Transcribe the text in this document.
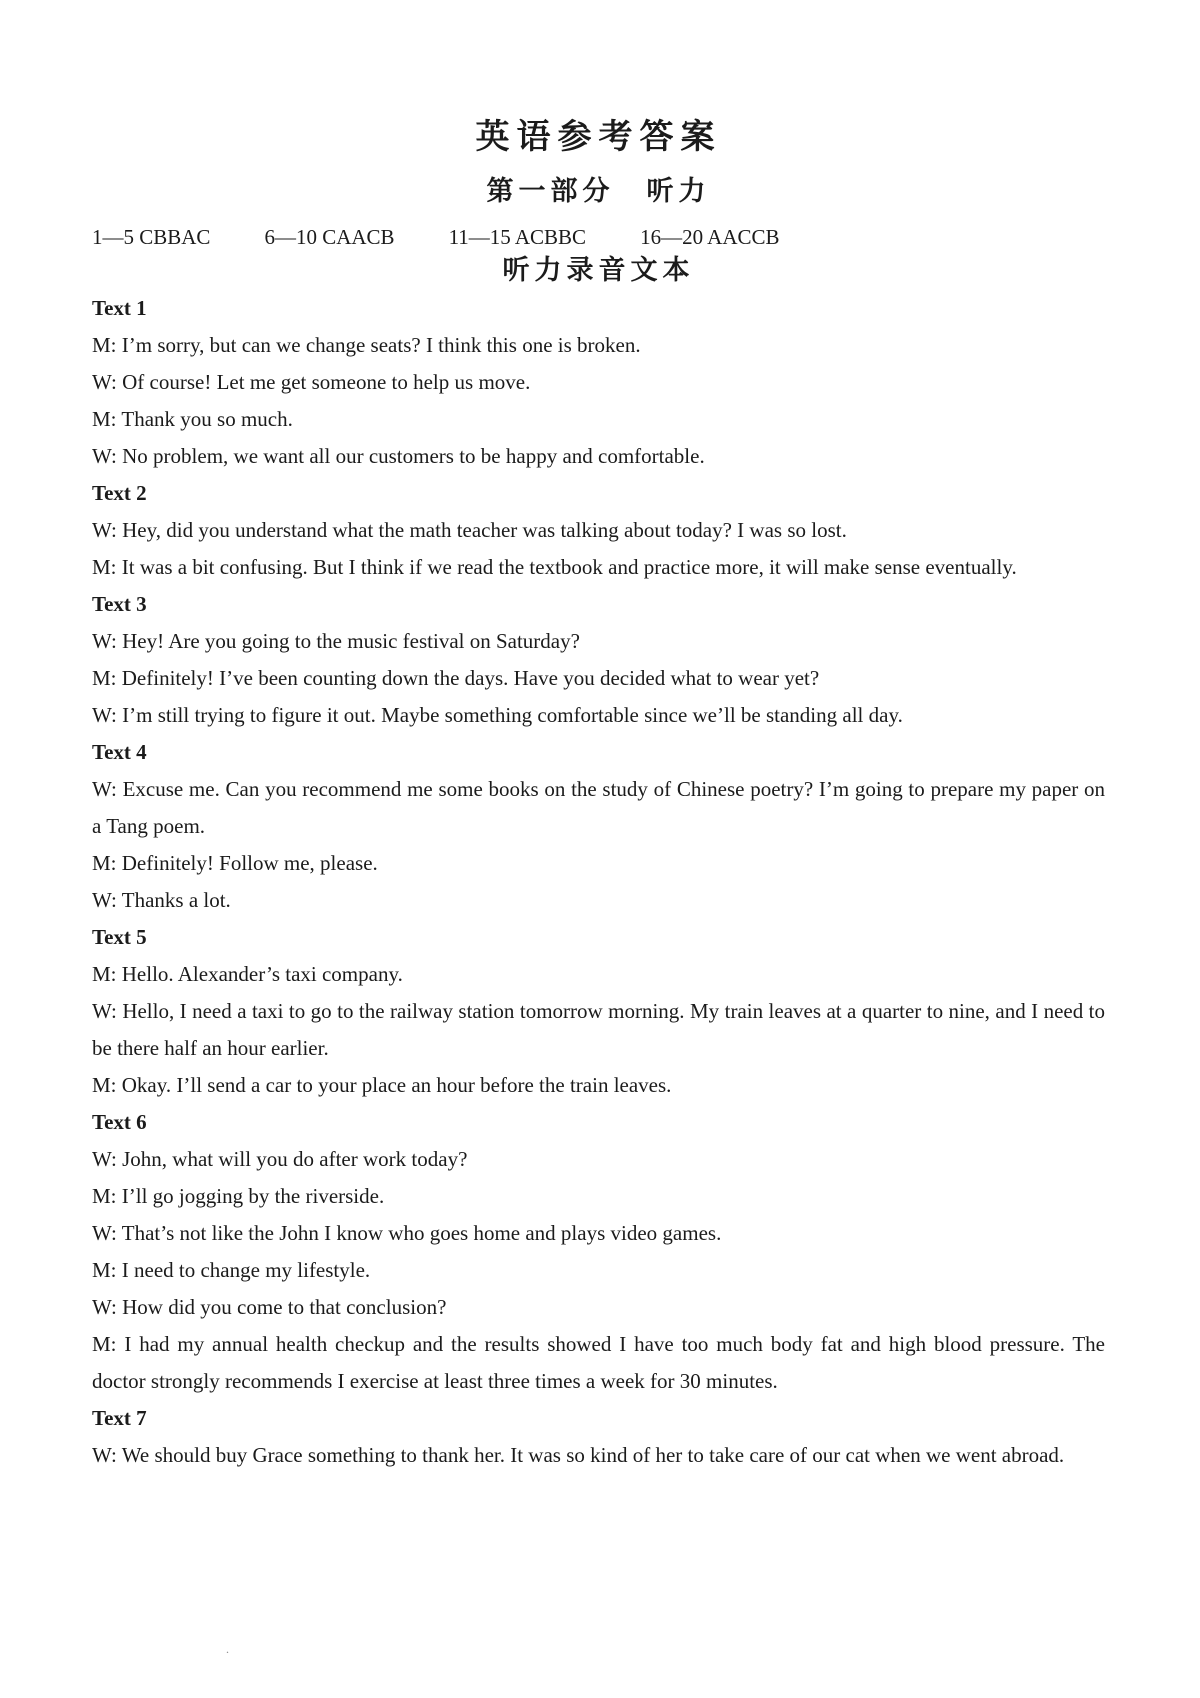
英语参考答案
第一部分　听力
1—5 CBBAC	6—10 CAACB	11—15 ACBBC	16—20 AACCB
听力录音文本

Text 1

M: I’m sorry, but can we change seats? I think this one is broken.

W: Of course! Let me get someone to help us move.

M: Thank you so much.

W: No problem, we want all our customers to be happy and comfortable.

Text 2

W: Hey, did you understand what the math teacher was talking about today? I was so lost.

M: It was a bit confusing. But I think if we read the textbook and practice more, it will make sense eventually.

Text 3

W: Hey! Are you going to the music festival on Saturday?

M: Definitely! I’ve been counting down the days. Have you decided what to wear yet?

W: I’m still trying to figure it out. Maybe something comfortable since we’ll be standing all day.

Text 4

W: Excuse me. Can you recommend me some books on the study of Chinese poetry? I’m going to prepare my paper on a Tang poem.

M: Definitely! Follow me, please.

W: Thanks a lot.

Text 5

M: Hello. Alexander’s taxi company.

W: Hello, I need a taxi to go to the railway station tomorrow morning. My train leaves at a quarter to nine, and I need to be there half an hour earlier.

M: Okay. I’ll send a car to your place an hour before the train leaves.

Text 6

W: John, what will you do after work today?

M: I’ll go jogging by the riverside.

W: That’s not like the John I know who goes home and plays video games.

M: I need to change my lifestyle.

W: How did you come to that conclusion?

M: I had my annual health checkup and the results showed I have too much body fat and high blood pressure. The doctor strongly recommends I exercise at least three times a week for 30 minutes.

Text 7

W: We should buy Grace something to thank her. It was so kind of her to take care of our cat when we went abroad.

.
